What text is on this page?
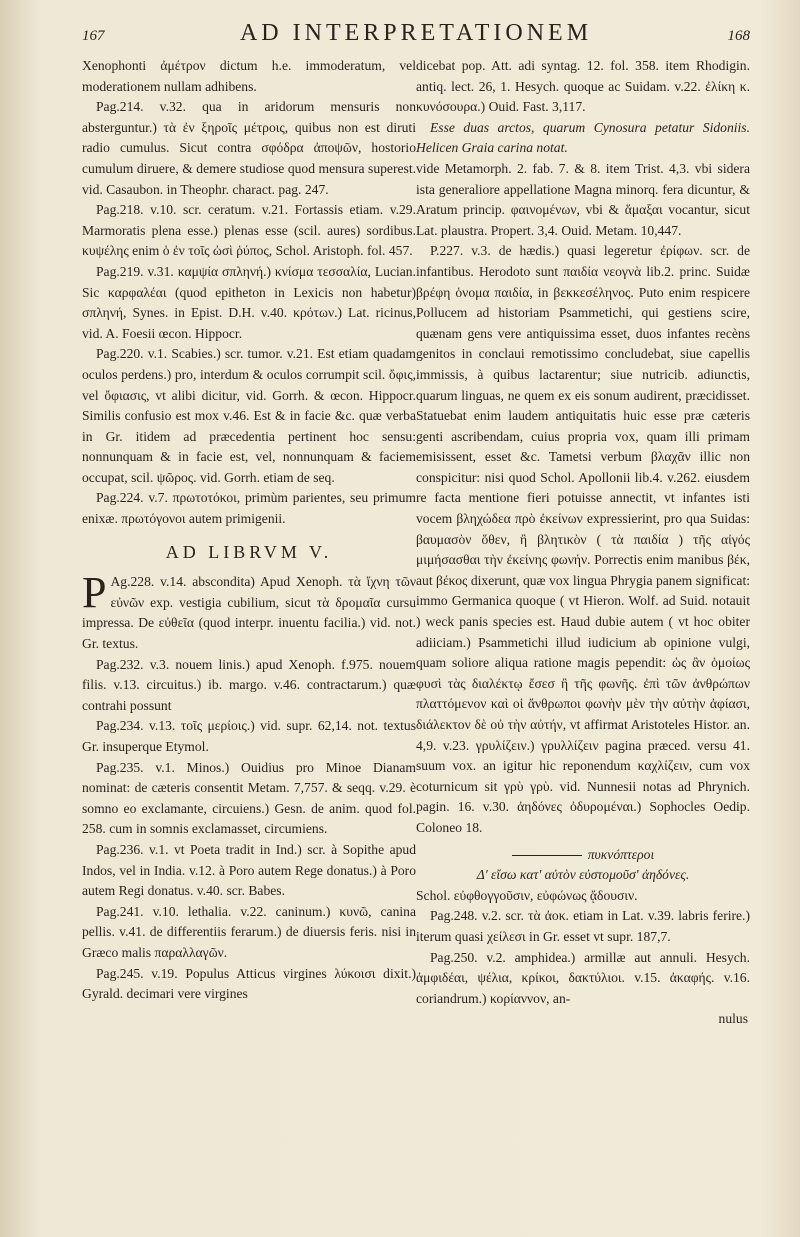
167	AD INTERPRETATIONEM	168

Xenophonti ἀμέτρον dictum h.e. immoderatum, vel moderationem nullam adhibens.

Pag.214. v.32. qua in aridorum mensuris non absterguntur.) τὰ ἐν ξηροῖς μέτροις, quibus non est diruti radio cumulus. Sicut contra σφόδρα ἀποψῶν, hostorio cumulum diruere, & demere studiose quod mensura superest. vid. Casaubon. in Theophr. charact. pag. 247.

Pag.218. v.10. scr. ceratum. v.21. Fortassis etiam. v.29. Marmoratis plena esse.) plenas esse (scil. aures) sordibus. κυψέλης enim ὁ ἐν τοῖς ὠσὶ ῥύπος, Schol. Aristoph. fol. 457.

Pag.219. v.31. καμψία σπληνή.) κνίσμα τεσσαλία, Lucian. Sic καρφαλέαι (quod epitheton in Lexicis non habetur) σπληνή, Synes. in Epist. D.H. v.40. κρότων.) Lat. ricinus, vid. A. Foesii œcon. Hippocr.

Pag.220. v.1. Scabies.) scr. tumor. v.21. Est etiam quadam oculos perdens.) pro, interdum & oculos corrumpit scil. ὄφις, vel ὄφιασις, vt alibi dicitur, vid. Gorrh. & œcon. Hippocr. Similis confusio est mox v.46. Est & in facie &c. quæ verba in Gr. itidem ad præcedentia pertinent hoc sensu: nonnunquam & in facie est, vel, nonnunquam & faciem occupat, scil. ψῶρος. vid. Gorrh. etiam de seq.

Pag.224. v.7. πρωτοτόκοι, primùm parientes, seu primum enixæ. πρωτόγονοι autem primigenii.

AD LIBRVM V.

P Ag.228. v.14. abscondita) Apud Xenoph. τὰ ἴχνη τῶν εὐνῶν exp. vestigia cubilium, sicut τὰ δρομαῖα cursu impressa. De εὐθεῖα (quod interpr. inuentu facilia.) vid. not. Gr. textus.

Pag.232. v.3. nouem linis.) apud Xenoph. f.975. nouem filis. v.13. circuitus.) ib. margo. v.46. contractarum.) quæ contrahi possunt

Pag.234. v.13. τοῖς μερίοις.) vid. supr. 62,14. not. textus Gr. insuperque Etymol.

Pag.235. v.1. Minos.) Ouidius pro Minoe Dianam nominat: de cæteris consentit Metam. 7,757. & seqq. v.29. è somno eo exclamante, circuiens.) Gesn. de anim. quod fol. 258. cum in somnis exclamasset, circumiens.

Pag.236. v.1. vt Poeta tradit in Ind.) scr. à Sopithe apud Indos, vel in India. v.12. à Poro autem Rege donatus.) à Poro autem Regi donatus. v.40. scr. Babes.

Pag.241. v.10. lethalia. v.22. caninum.) κυνῶ, canina pellis. v.41. de differentiis ferarum.) de diuersis feris. nisi in Græco malis παραλλαγῶν.

Pag.245. v.19. Populus Atticus virgines λύκοισι dixit.) Gyrald. decimari vere virgines

dicebat pop. Att. adi syntag. 12. fol. 358. item Rhodigin. antiq. lect. 26, 1. Hesych. quoque ac Suidam. v.22. ἐλίκη κ. κυνόσουρα.) Ouid. Fast. 3,117.

Esse duas arctos, quarum Cynosura petatur Sidoniis. Helicen Graia carina notat.

vide Metamorph. 2. fab. 7. & 8. item Trist. 4,3. vbi sidera ista generaliore appellatione Magna minorq. fera dicuntur, & Aratum princip. φαινομένων, vbi & ἅμαξαι vocantur, sicut Lat. plaustra. Propert. 3,4. Ouid. Metam. 10,447.

P.227. v.3. de hædis.) quasi legeretur ἐρίφων. scr. de infantibus. Herodoto sunt παιδία νεογνὰ lib.2. princ. Suidæ βρέφη ὁνομα παιδία, in βεκκεσέληνος. Puto enim respicere Pollucem ad historiam Psammetichi, qui gestiens scire, quænam gens vere antiquissima esset, duos infantes recèns genitos in conclaui remotissimo concludebat, siue capellis immissis, à quibus lactarentur; siue nutricib. adiunctis, quarum linguas, ne quem ex eis sonum audirent, præcidisset. Statuebat enim laudem antiquitatis huic esse præ cæteris genti ascribendam, cuius propria vox, quam illi primam emisissent, esset &c. Tametsi verbum βλαχᾶν illic non conspicitur: nisi quod Schol. Apollonii lib.4. v.262. eiusdem re facta mentione fieri potuisse annectit, vt infantes isti vocem βληχώδεα πρὸ ἐκείνων expressierint, pro qua Suidas: βαυμασὸν ὅθεν, ἢ βλητικὸν ( τὰ παιδία ) τῆς αἰγός μιμήσασθαι τὴν ἐκείνης φωνήν. Porrectis enim manibus βέκ, aut βέκος dixerunt, quæ vox lingua Phrygia panem significat: immo Germanica quoque ( vt Hieron. Wolf. ad Suid. notauit ) weck panis species est. Haud dubie autem ( vt hoc obiter adiiciam.) Psammetichi illud iudicium ab opinione vulgi, quam soliore aliqua ratione magis pependit: ὡς ἂν ὁμοίως φυσὶ τὰς διαλέκτῳ ἔσεσ ἢ τῆς φωνῆς. ἐπὶ τῶν ἀνθρώπων πλαττόμενον καὶ οἱ ἄνθρωποι φωνὴν μὲν τὴν αὐτὴν ἀφίασι, διάλεκτον δὲ οὐ τὴν αὐτήν, vt affirmat Aristoteles Histor. an. 4,9. v.23. γρυλίζειν.) γρυλλίζειν pagina præced. versu 41. suum vox. an igitur hic reponendum καχλίζειν, cum vox coturnicum sit γρὺ γρὺ. vid. Nunnesii notas ad Phrynich. pagin. 16. v.30. ἀηδόνες ὀδυρομέναι.) Sophocles Oedip. Coloneo 18.

πυκνόπτεροι
Δ' εἴσω κατ' αὐτὸν εὐστομοῦσ' ἀηδόνες.

Schol. εὐφθογγοῦσιν, εὐφώνως ᾄδουσιν.

Pag.248. v.2. scr. τὰ ἀοκ. etiam in Lat. v.39. labris ferire.) iterum quasi χείλεσι in Gr. esset vt supr. 187,7.

Pag.250. v.2. amphidea.) armillæ aut annuli. Hesych. ἀμφιδέαι, ψέλια, κρίκοι, δακτύλιοι. v.15. ἀκαφής. v.16. coriandrum.) κορίαννον, an-

nulus
